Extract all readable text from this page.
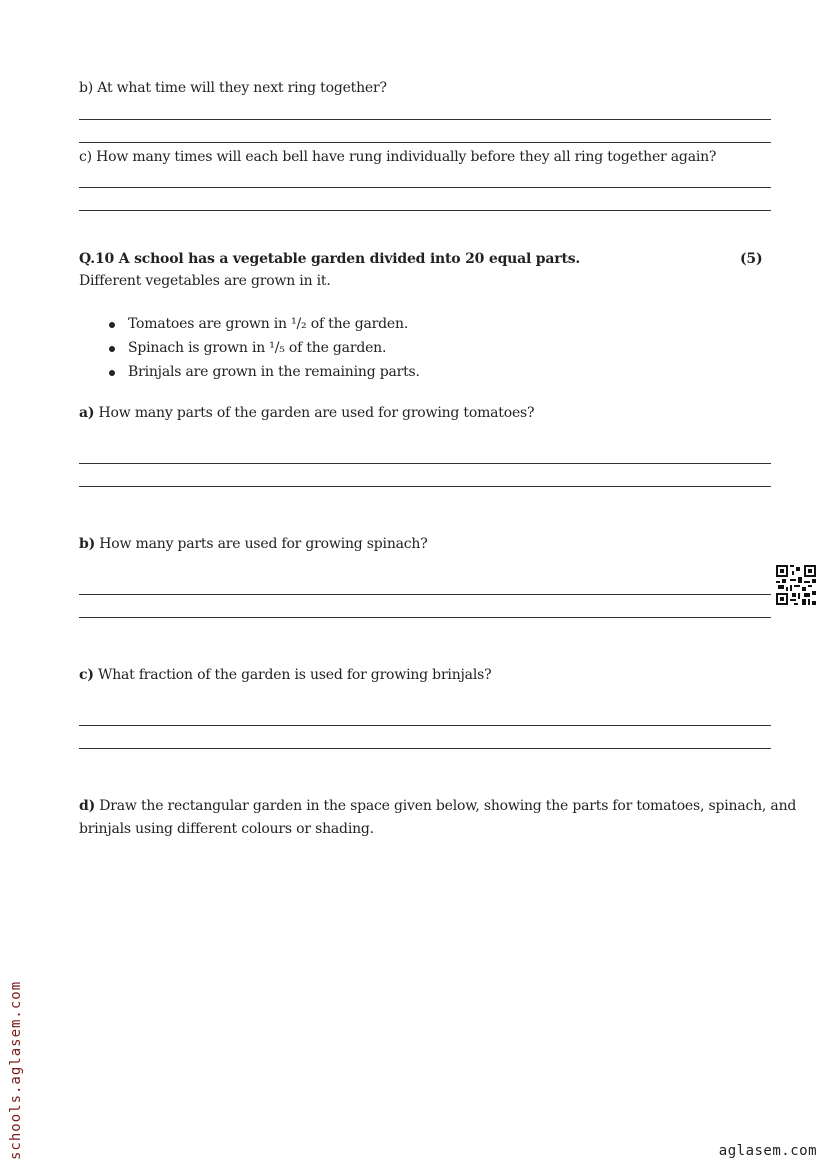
b) At what time will they next ring together?
c) How many times will each bell have rung individually before they all ring together again?
Q.10 A school has a vegetable garden divided into 20 equal parts.	(5)
Different vegetables are grown in it.
Tomatoes are grown in ¹/₂ of the garden.
Spinach is grown in ¹/₅ of the garden.
Brinjals are grown in the remaining parts.
a) How many parts of the garden are used for growing tomatoes?
b) How many parts are used for growing spinach?
c) What fraction of the garden is used for growing brinjals?
d) Draw the rectangular garden in the space given below, showing the parts for tomatoes, spinach, and
brinjals using different colours or shading.
schools.aglasem.com	aglasem.com
